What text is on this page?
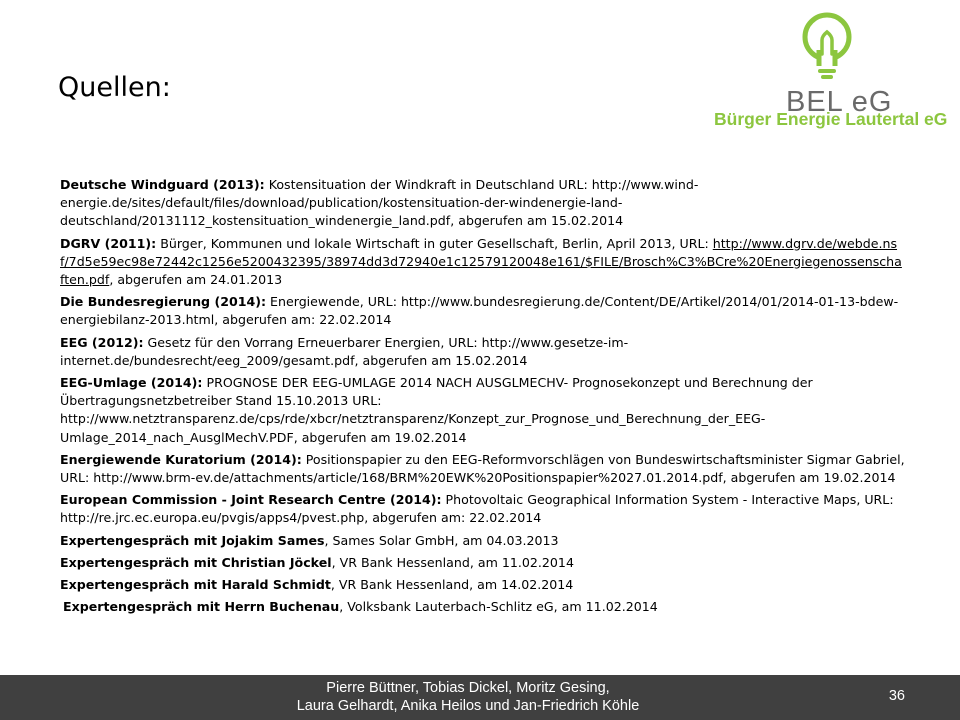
Quellen:	BEL eG
Bürger Energie Lautertal eG

Deutsche Windguard (2013): Kostensituation der Windkraft in Deutschland URL: http://www.wind-energie.de/sites/default/files/download/publication/kostensituation-der-windenergie-land-deutschland/20131112_kostensituation_windenergie_land.pdf, abgerufen am 15.02.2014

DGRV (2011): Bürger, Kommunen und lokale Wirtschaft in guter Gesellschaft, Berlin, April 2013, URL: http://www.dgrv.de/webde.nsf/7d5e59ec98e72442c1256e5200432395/38974dd3d72940e1c12579120048e161/$FILE/Brosch%C3%BCre%20Energiegenossenschaften.pdf, abgerufen am 24.01.2013

Die Bundesregierung (2014): Energiewende, URL: http://www.bundesregierung.de/Content/DE/Artikel/2014/01/2014-01-13-bdew-energiebilanz-2013.html, abgerufen am: 22.02.2014

EEG (2012): Gesetz für den Vorrang Erneuerbarer Energien, URL: http://www.gesetze-im-internet.de/bundesrecht/eeg_2009/gesamt.pdf, abgerufen am 15.02.2014

EEG-Umlage (2014): PROGNOSE DER EEG-UMLAGE 2014 NACH AUSGLMECHV- Prognosekonzept und Berechnung der Übertragungsnetzbetreiber Stand 15.10.2013 URL: http://www.netztransparenz.de/cps/rde/xbcr/netztransparenz/Konzept_zur_Prognose_und_Berechnung_der_EEG-Umlage_2014_nach_AusglMechV.PDF, abgerufen am 19.02.2014

Energiewende Kuratorium (2014): Positionspapier zu den EEG-Reformvorschlägen von Bundeswirtschaftsminister Sigmar Gabriel, URL: http://www.brm-ev.de/attachments/article/168/BRM%20EWK%20Positionspapier%2027.01.2014.pdf, abgerufen am 19.02.2014

European Commission - Joint Research Centre (2014): Photovoltaic Geographical Information System - Interactive Maps, URL: http://re.jrc.ec.europa.eu/pvgis/apps4/pvest.php, abgerufen am: 22.02.2014

Expertengespräch mit Jojakim Sames, Sames Solar GmbH, am 04.03.2013

Expertengespräch mit Christian Jöckel, VR Bank Hessenland, am 11.02.2014

Expertengespräch mit Harald Schmidt, VR Bank Hessenland, am 14.02.2014

Expertengespräch mit Herrn Buchenau, Volksbank Lauterbach-Schlitz eG, am 11.02.2014

Pierre Büttner, Tobias Dickel, Moritz Gesing,
Laura Gelhardt, Anika Heilos und Jan-Friedrich Köhle
36
